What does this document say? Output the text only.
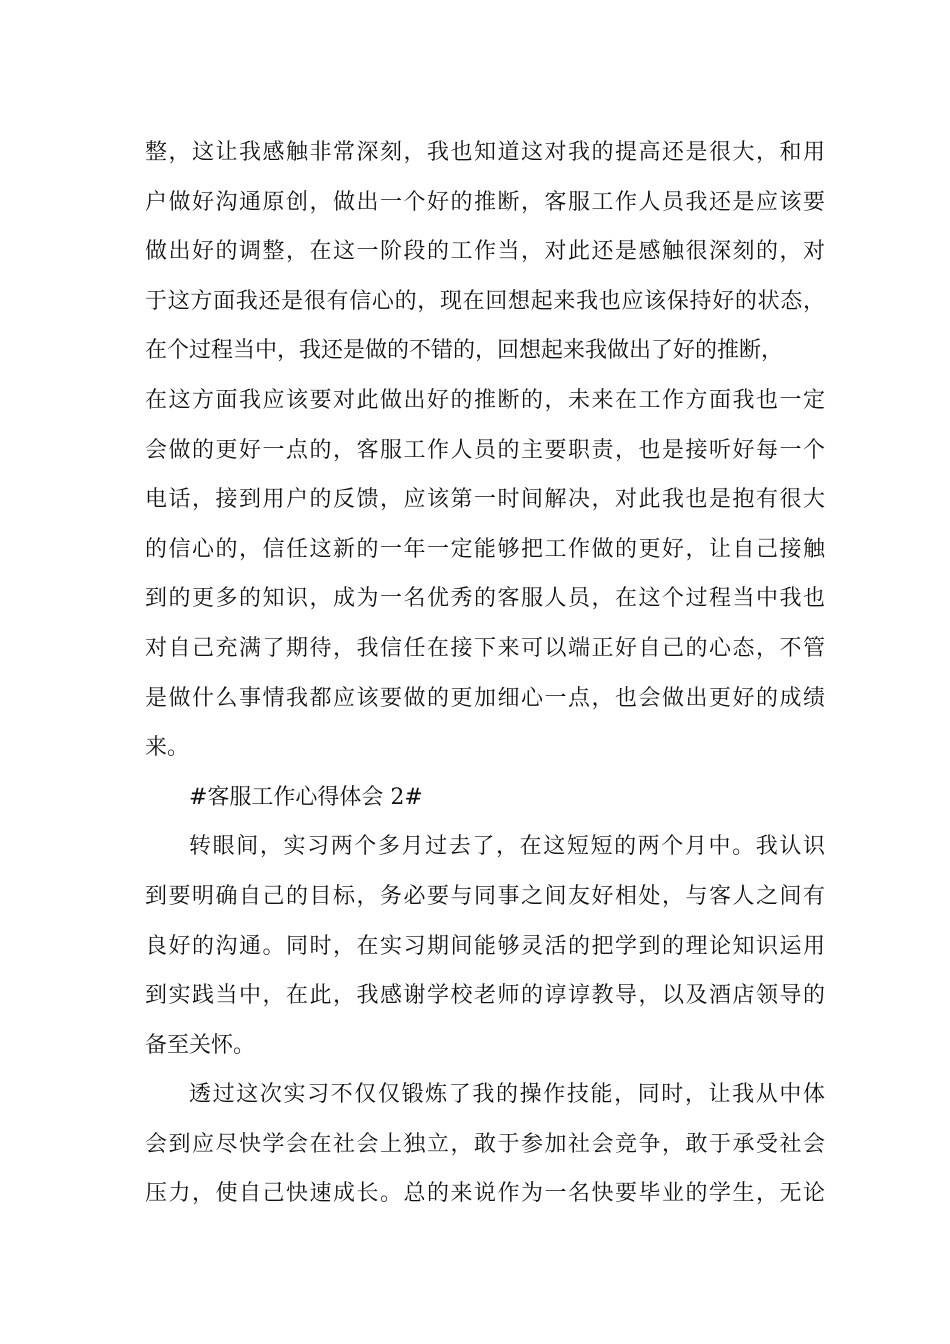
整，这让我感触非常深刻，我也知道这对我的提高还是很大，和用
户做好沟通原创，做出一个好的推断，客服工作人员我还是应该要
做出好的调整，在这一阶段的工作当，对此还是感触很深刻的，对
于这方面我还是很有信心的，现在回想起来我也应该保持好的状态，
在个过程当中，我还是做的不错的，回想起来我做出了好的推断，
在这方面我应该要对此做出好的推断的，未来在工作方面我也一定
会做的更好一点的，客服工作人员的主要职责，也是接听好每一个
电话，接到用户的反馈，应该第一时间解决，对此我也是抱有很大
的信心的，信任这新的一年一定能够把工作做的更好，让自己接触
到的更多的知识，成为一名优秀的客服人员，在这个过程当中我也
对自己充满了期待，我信任在接下来可以端正好自己的心态，不管
是做什么事情我都应该要做的更加细心一点，也会做出更好的成绩
来。
#客服工作心得体会 2#
转眼间，实习两个多月过去了，在这短短的两个月中。我认识
到要明确自己的目标，务必要与同事之间友好相处，与客人之间有
良好的沟通。同时，在实习期间能够灵活的把学到的理论知识运用
到实践当中，在此，我感谢学校老师的谆谆教导，以及酒店领导的
备至关怀。
透过这次实习不仅仅锻炼了我的操作技能，同时，让我从中体
会到应尽快学会在社会上独立，敢于参加社会竞争，敢于承受社会
压力，使自己快速成长。总的来说作为一名快要毕业的学生，无论
